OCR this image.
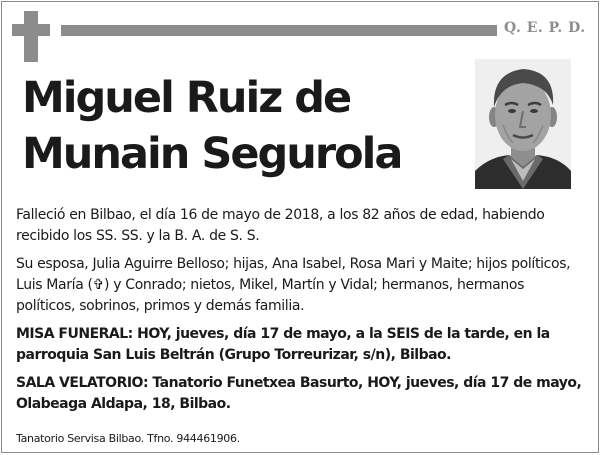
Q. E. P. D.
Miguel Ruiz de
Munain Segurola

Falleció en Bilbao, el día 16 de mayo de 2018, a los 82 años de edad, habiendo recibido los SS. SS. y la B. A. de S. S.

Su esposa, Julia Aguirre Belloso; hijas, Ana Isabel, Rosa Mari y Maite; hijos políticos, Luis María (✞) y Conrado; nietos, Mikel, Martín y Vidal; hermanos, hermanos políticos, sobrinos, primos y demás familia.

MISA FUNERAL: HOY, jueves, día 17 de mayo, a la SEIS de la tarde, en la parroquia San Luis Beltrán (Grupo Torreurizar, s/n), Bilbao.

SALA VELATORIO: Tanatorio Funetxea Basurto, HOY, jueves, día 17 de mayo, Olabeaga Aldapa, 18, Bilbao.

Tanatorio Servisa Bilbao. Tfno. 944461906.
